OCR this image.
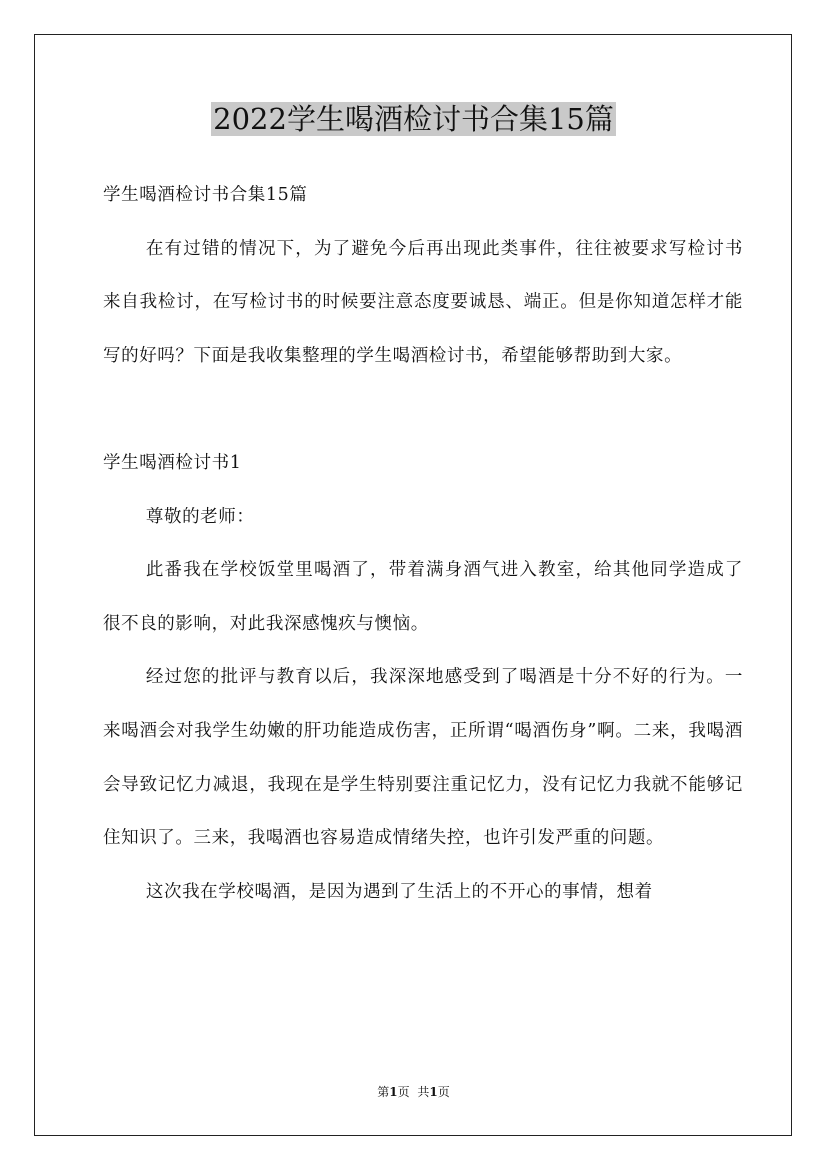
2022学生喝酒检讨书合集15篇

学生喝酒检讨书合集15篇

在有过错的情况下，为了避免今后再出现此类事件，往往被要求写检讨书来自我检讨，在写检讨书的时候要注意态度要诚恳、端正。但是你知道怎样才能写的好吗？下面是我收集整理的学生喝酒检讨书，希望能够帮助到大家。

学生喝酒检讨书1

尊敬的老师：

此番我在学校饭堂里喝酒了，带着满身酒气进入教室，给其他同学造成了很不良的影响，对此我深感愧疚与懊恼。

经过您的批评与教育以后，我深深地感受到了喝酒是十分不好的行为。一来喝酒会对我学生幼嫩的肝功能造成伤害，正所谓“喝酒伤身”啊。二来，我喝酒会导致记忆力减退，我现在是学生特别要注重记忆力，没有记忆力我就不能够记住知识了。三来，我喝酒也容易造成情绪失控，也许引发严重的问题。

这次我在学校喝酒，是因为遇到了生活上的不开心的事情，想着

第1页 共1页
